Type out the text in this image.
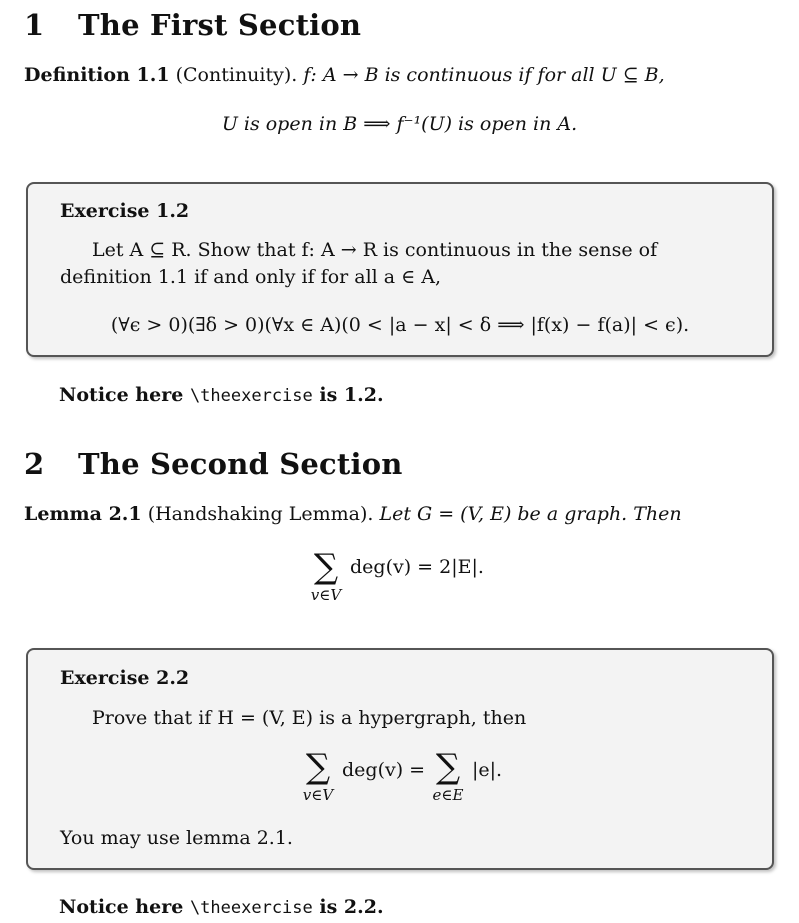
1 The First Section
Definition 1.1 (Continuity). f: A → B is continuous if for all U ⊆ B,
U is open in B ⟹ f⁻¹(U) is open in A.
Exercise 1.2
Let A ⊆ R. Show that f: A → R is continuous in the sense of
definition 1.1 if and only if for all a ∈ A,
(∀ϵ > 0)(∃δ > 0)(∀x ∈ A)(0 < |a − x| < δ ⟹ |f(x) − f(a)| < ϵ).
Notice here \theexercise is 1.2.
2 The Second Section
Lemma 2.1 (Handshaking Lemma). Let G = (V, E) be a graph. Then
∑
v∈V
deg(v) = 2|E|.
Exercise 2.2
Prove that if H = (V, E) is a hypergraph, then
∑
v∈V
deg(v) = ∑
e∈E
|e|.
You may use lemma 2.1.
Notice here \theexercise is 2.2.
